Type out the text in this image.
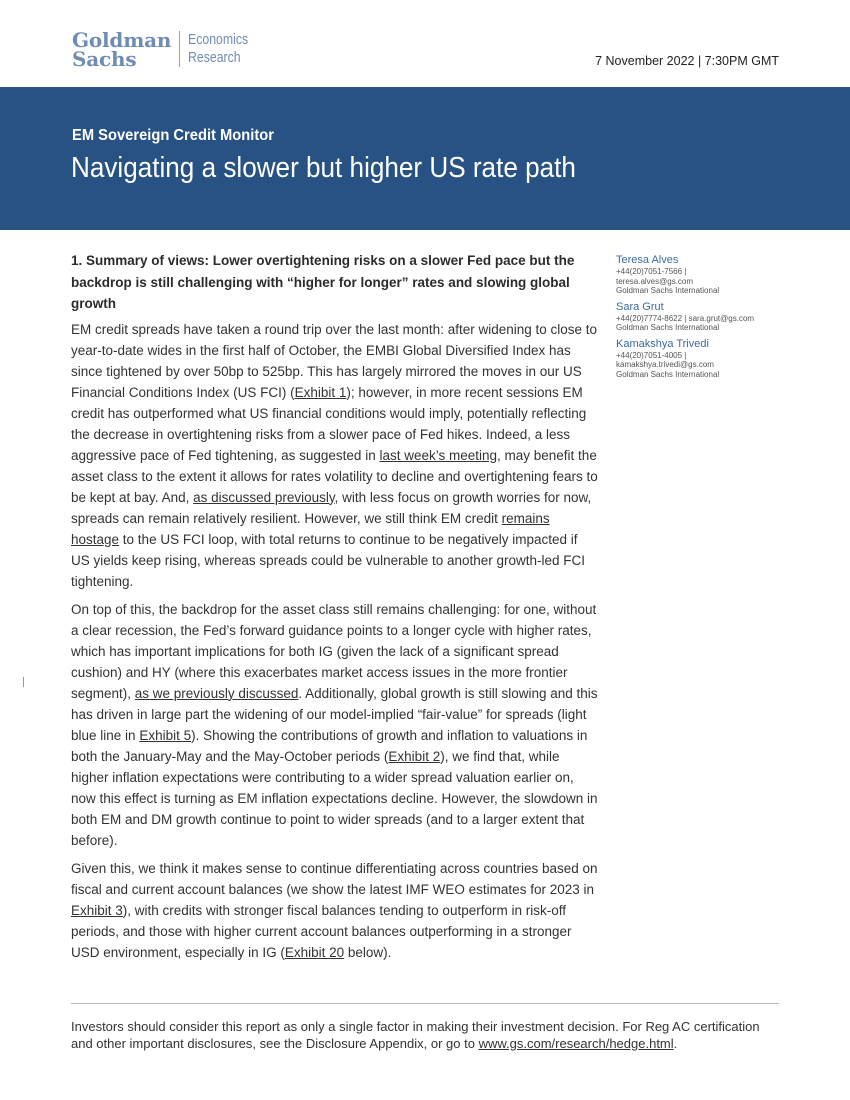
Goldman
Sachs
Economics
Research	7 November 2022 | 7:30PM GMT
EM Sovereign Credit Monitor
Navigating a slower but higher US rate path
1. Summary of views: Lower overtightening risks on a slower Fed pace but the backdrop is still challenging with “higher for longer” rates and slowing global growth

EM credit spreads have taken a round trip over the last month: after widening to close to year-to-date wides in the first half of October, the EMBI Global Diversified Index has since tightened by over 50bp to 525bp. This has largely mirrored the moves in our US Financial Conditions Index (US FCI) (Exhibit 1); however, in more recent sessions EM credit has outperformed what US financial conditions would imply, potentially reflecting the decrease in overtightening risks from a slower pace of Fed hikes. Indeed, a less aggressive pace of Fed tightening, as suggested in last week’s meeting, may benefit the asset class to the extent it allows for rates volatility to decline and overtightening fears to be kept at bay. And, as discussed previously, with less focus on growth worries for now, spreads can remain relatively resilient. However, we still think EM credit remains hostage to the US FCI loop, with total returns to continue to be negatively impacted if US yields keep rising, whereas spreads could be vulnerable to another growth-led FCI tightening.

On top of this, the backdrop for the asset class still remains challenging: for one, without a clear recession, the Fed’s forward guidance points to a longer cycle with higher rates, which has important implications for both IG (given the lack of a significant spread cushion) and HY (where this exacerbates market access issues in the more frontier segment), as we previously discussed. Additionally, global growth is still slowing and this has driven in large part the widening of our model-implied “fair-value” for spreads (light blue line in Exhibit 5). Showing the contributions of growth and inflation to valuations in both the January-May and the May-October periods (Exhibit 2), we find that, while higher inflation expectations were contributing to a wider spread valuation earlier on, now this effect is turning as EM inflation expectations decline. However, the slowdown in both EM and DM growth continue to point to wider spreads (and to a larger extent that before).

Given this, we think it makes sense to continue differentiating across countries based on fiscal and current account balances (we show the latest IMF WEO estimates for 2023 in Exhibit 3), with credits with stronger fiscal balances tending to outperform in risk-off periods, and those with higher current account balances outperforming in a stronger USD environment, especially in IG (Exhibit 20 below).

Teresa Alves
+44(20)7051-7566 |
teresa.alves@gs.com
Goldman Sachs International
Sara Grut
+44(20)7774-8622 | sara.grut@gs.com
Goldman Sachs International
Kamakshya Trivedi
+44(20)7051-4005 |
kamakshya.trivedi@gs.com
Goldman Sachs International
Investors should consider this report as only a single factor in making their investment decision. For Reg AC certification and other important disclosures, see the Disclosure Appendix, or go to www.gs.com/research/hedge.html.
